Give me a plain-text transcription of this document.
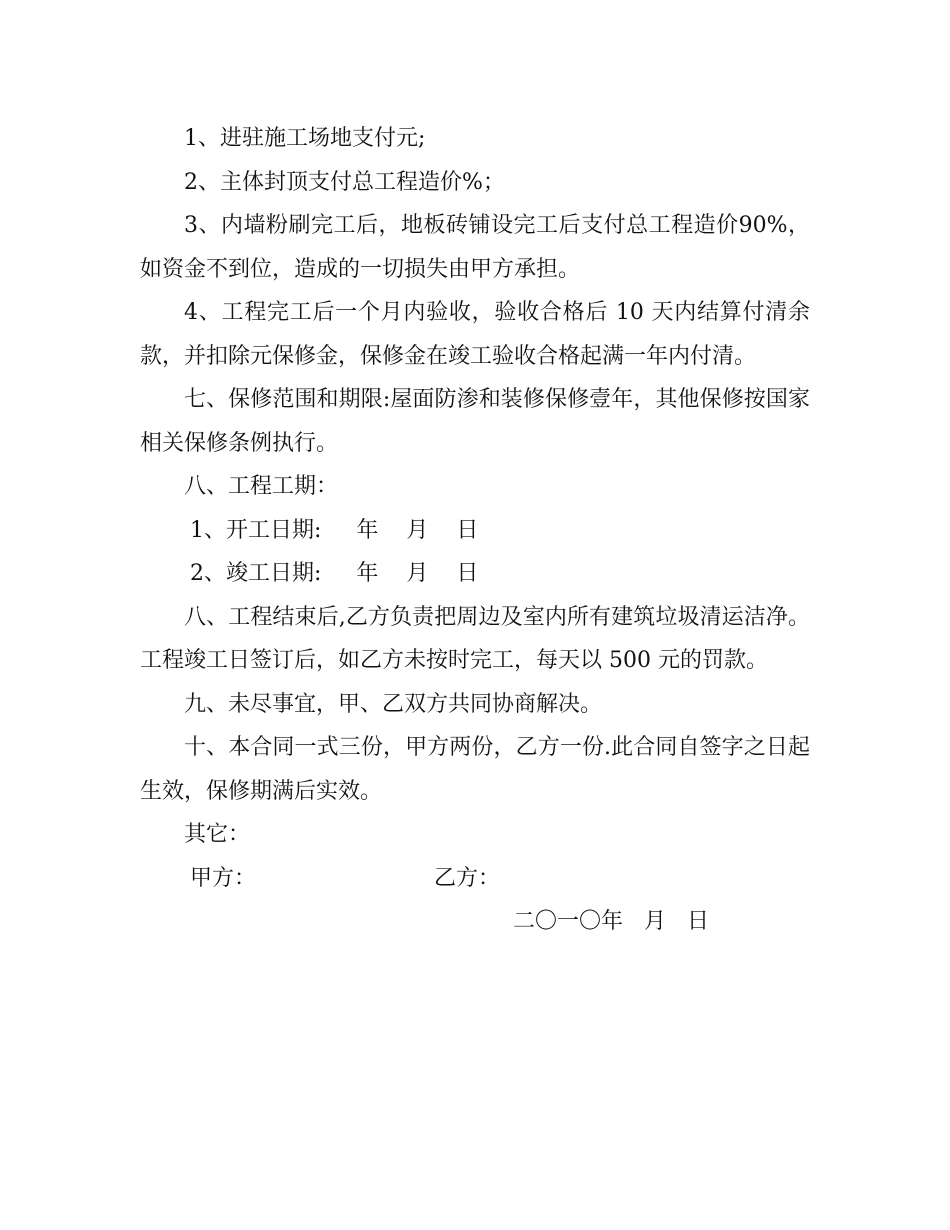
1、进驻施工场地支付元;

2、主体封顶支付总工程造价%；

3、内墙粉刷完工后，地板砖铺设完工后支付总工程造价90%，如资金不到位，造成的一切损失由甲方承担。

4、工程完工后一个月内验收，验收合格后 10 天内结算付清余款，并扣除元保修金，保修金在竣工验收合格起满一年内付清。

七、保修范围和期限:屋面防渗和装修保修壹年，其他保修按国家相关保修条例执行。

八、工程工期：

1、开工日期:     年    月    日

2、竣工日期:     年    月    日

八、工程结束后,乙方负责把周边及室内所有建筑垃圾清运洁净。工程竣工日签订后，如乙方未按时完工，每天以 500 元的罚款。

九、未尽事宜，甲、乙双方共同协商解决。

十、本合同一式三份，甲方两份，乙方一份.此合同自签字之日起生效，保修期满后实效。

其它：

甲方：	乙方：

二〇一〇年   月   日
